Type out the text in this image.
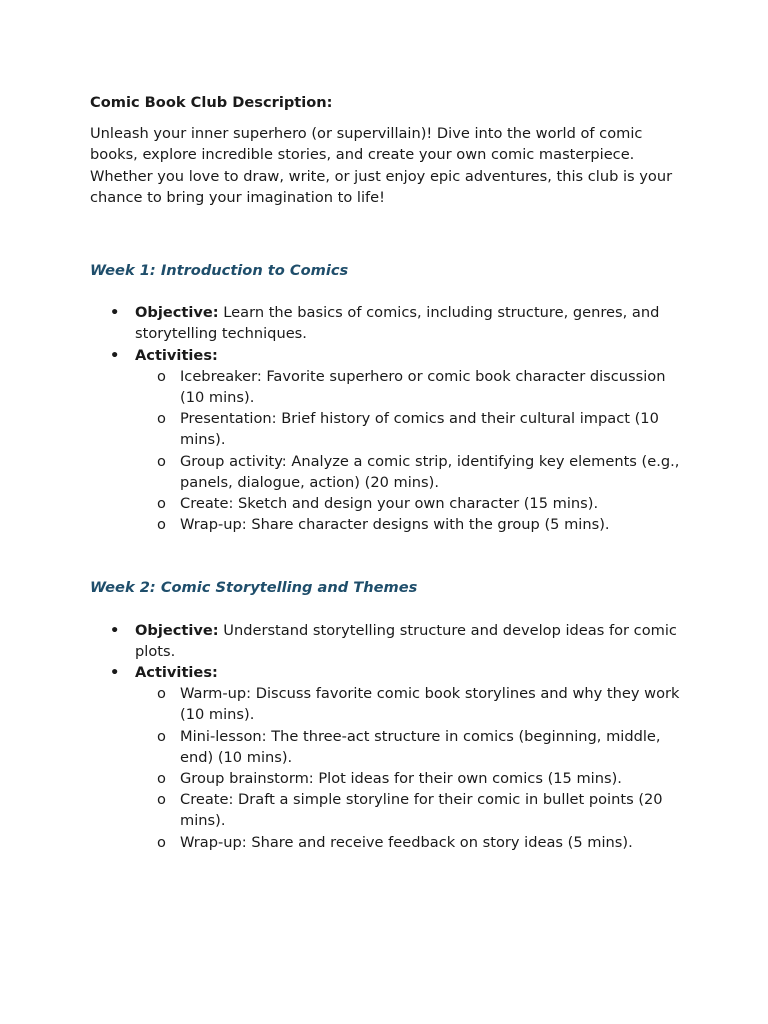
Comic Book Club Description:

Unleash your inner superhero (or supervillain)! Dive into the world of comic books, explore incredible stories, and create your own comic masterpiece. Whether you love to draw, write, or just enjoy epic adventures, this club is your chance to bring your imagination to life!

Week 1: Introduction to Comics

• Objective: Learn the basics of comics, including structure, genres, and storytelling techniques.
• Activities:
o Icebreaker: Favorite superhero or comic book character discussion (10 mins).
o Presentation: Brief history of comics and their cultural impact (10 mins).
o Group activity: Analyze a comic strip, identifying key elements (e.g., panels, dialogue, action) (20 mins).
o Create: Sketch and design your own character (15 mins).
o Wrap-up: Share character designs with the group (5 mins).

Week 2: Comic Storytelling and Themes

• Objective: Understand storytelling structure and develop ideas for comic plots.
• Activities:
o Warm-up: Discuss favorite comic book storylines and why they work (10 mins).
o Mini-lesson: The three-act structure in comics (beginning, middle, end) (10 mins).
o Group brainstorm: Plot ideas for their own comics (15 mins).
o Create: Draft a simple storyline for their comic in bullet points (20 mins).
o Wrap-up: Share and receive feedback on story ideas (5 mins).
